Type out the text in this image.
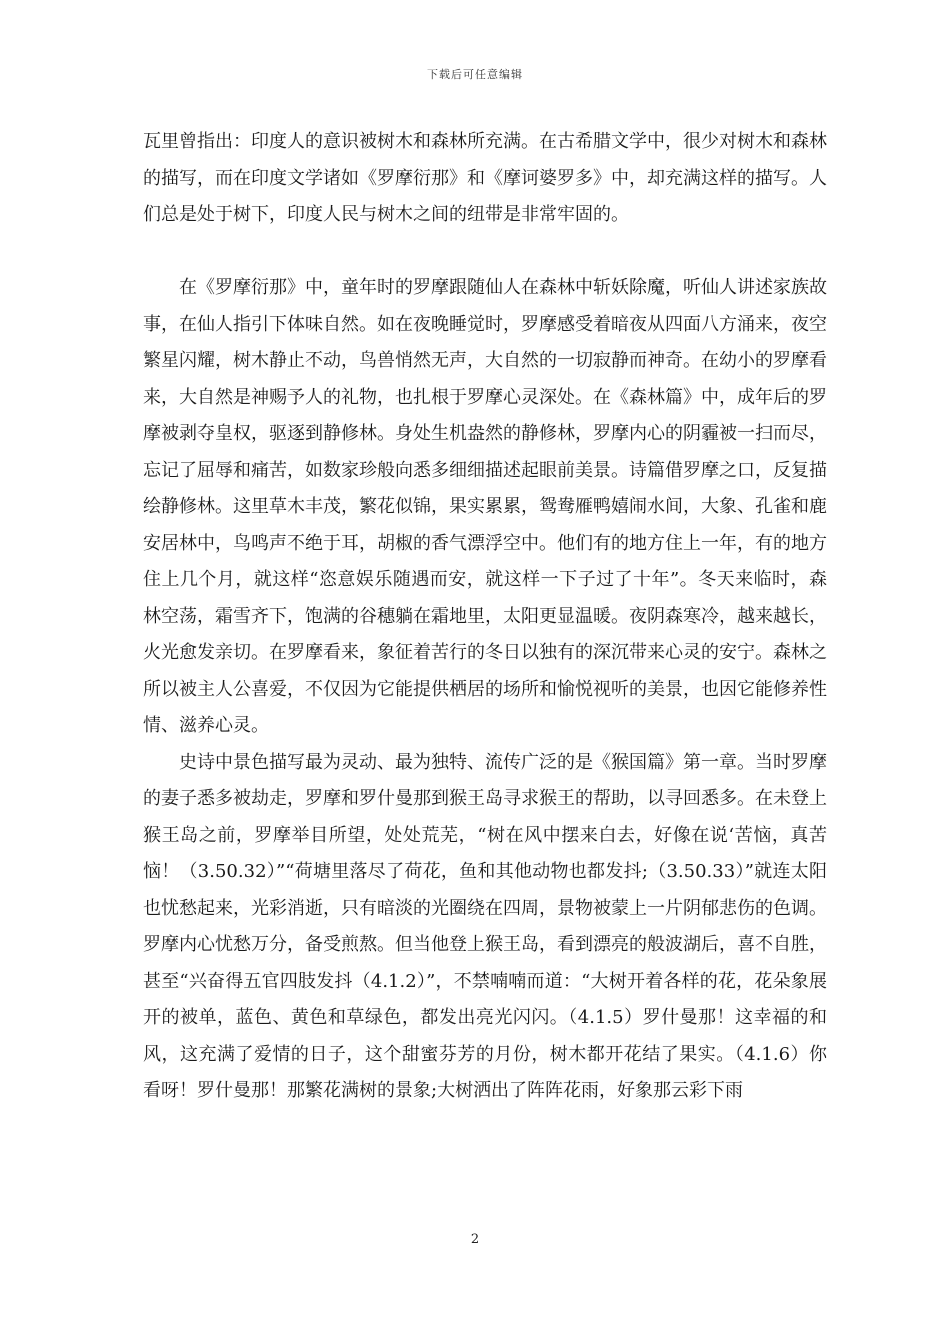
下载后可任意编辑

瓦里曾指出：印度人的意识被树木和森林所充满。在古希腊文学中，很少对树木和森林的描写，而在印度文学诸如《罗摩衍那》和《摩诃婆罗多》中，却充满这样的描写。人们总是处于树下，印度人民与树木之间的纽带是非常牢固的。

在《罗摩衍那》中，童年时的罗摩跟随仙人在森林中斩妖除魔，听仙人讲述家族故事，在仙人指引下体味自然。如在夜晚睡觉时，罗摩感受着暗夜从四面八方涌来，夜空繁星闪耀，树木静止不动，鸟兽悄然无声，大自然的一切寂静而神奇。在幼小的罗摩看来，大自然是神赐予人的礼物，也扎根于罗摩心灵深处。在《森林篇》中，成年后的罗摩被剥夺皇权，驱逐到静修林。身处生机盎然的静修林，罗摩内心的阴霾被一扫而尽，忘记了屈辱和痛苦，如数家珍般向悉多细细描述起眼前美景。诗篇借罗摩之口，反复描绘静修林。这里草木丰茂，繁花似锦，果实累累，鸳鸯雁鸭嬉闹水间，大象、孔雀和鹿安居林中，鸟鸣声不绝于耳，胡椒的香气漂浮空中。他们有的地方住上一年，有的地方住上几个月，就这样“恣意娱乐随遇而安，就这样一下子过了十年”。冬天来临时，森林空荡，霜雪齐下，饱满的谷穗躺在霜地里，太阳更显温暖。夜阴森寒冷，越来越长，火光愈发亲切。在罗摩看来，象征着苦行的冬日以独有的深沉带来心灵的安宁。森林之所以被主人公喜爱，不仅因为它能提供栖居的场所和愉悦视听的美景，也因它能修养性情、滋养心灵。

史诗中景色描写最为灵动、最为独特、流传广泛的是《猴国篇》第一章。当时罗摩的妻子悉多被劫走，罗摩和罗什曼那到猴王岛寻求猴王的帮助，以寻回悉多。在未登上猴王岛之前，罗摩举目所望，处处荒芜，“树在风中摆来白去，好像在说‘苦恼，真苦恼！（3.50.32）”“荷塘里落尽了荷花，鱼和其他动物也都发抖;（3.50.33）”就连太阳也忧愁起来，光彩消逝，只有暗淡的光圈绕在四周，景物被蒙上一片阴郁悲伤的色调。罗摩内心忧愁万分，备受煎熬。但当他登上猴王岛，看到漂亮的般波湖后，喜不自胜，甚至“兴奋得五官四肢发抖（4.1.2）”，不禁喃喃而道：“大树开着各样的花，花朵象展开的被单，蓝色、黄色和草绿色，都发出亮光闪闪。（4.1.5）罗什曼那！这幸福的和风，这充满了爱情的日子，这个甜蜜芬芳的月份，树木都开花结了果实。（4.1.6）你看呀！罗什曼那！那繁花满树的景象;大树洒出了阵阵花雨，好象那云彩下雨

2
